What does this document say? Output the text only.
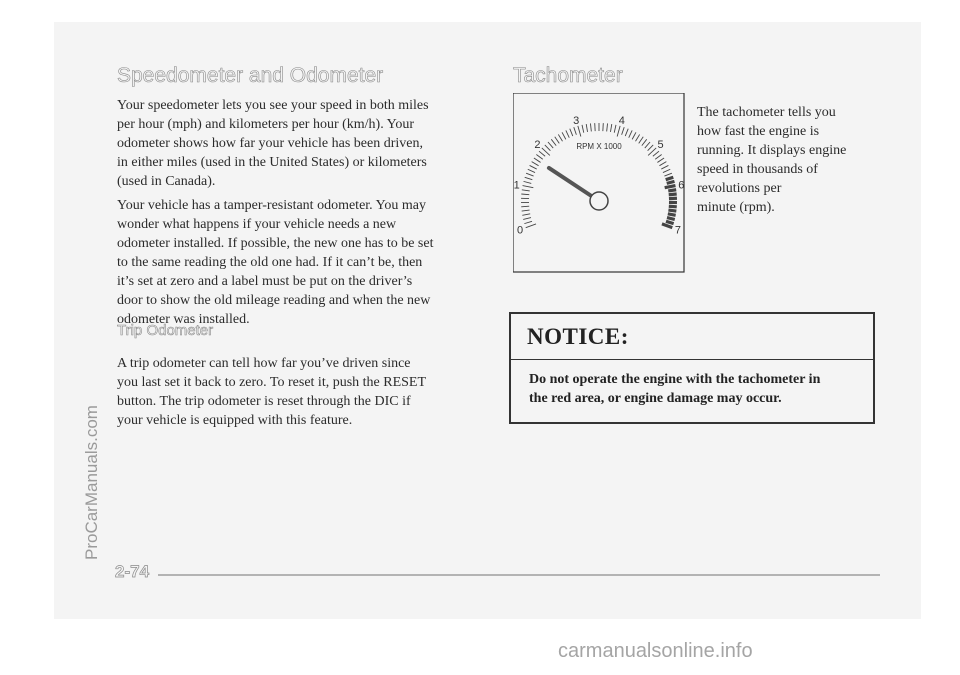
ProCarManuals.com
Speedometer and Odometer
Your speedometer lets you see your speed in both miles
per hour (mph) and kilometers per hour (km/h). Your
odometer shows how far your vehicle has been driven,
in either miles (used in the United States) or kilometers
(used in Canada).
Your vehicle has a tamper-resistant odometer. You may
wonder what happens if your vehicle needs a new
odometer installed. If possible, the new one has to be set
to the same reading the old one had. If it can’t be, then
it’s set at zero and a label must be put on the driver’s
door to show the old mileage reading and when the new
odometer was installed.
Trip Odometer
A trip odometer can tell how far you’ve driven since
you last set it back to zero. To reset it, push the RESET
button. The trip odometer is reset through the DIC if
your vehicle is equipped with this feature.
Tachometer
0
1
2
3	4
5
6
7
RPM X 1000
The tachometer tells you
how fast the engine is
running. It displays engine
speed in thousands of
revolutions per
minute (rpm).
NOTICE:
Do not operate the engine with the tachometer in
the red area, or engine damage may occur.
2-74
carmanualsonline.info
